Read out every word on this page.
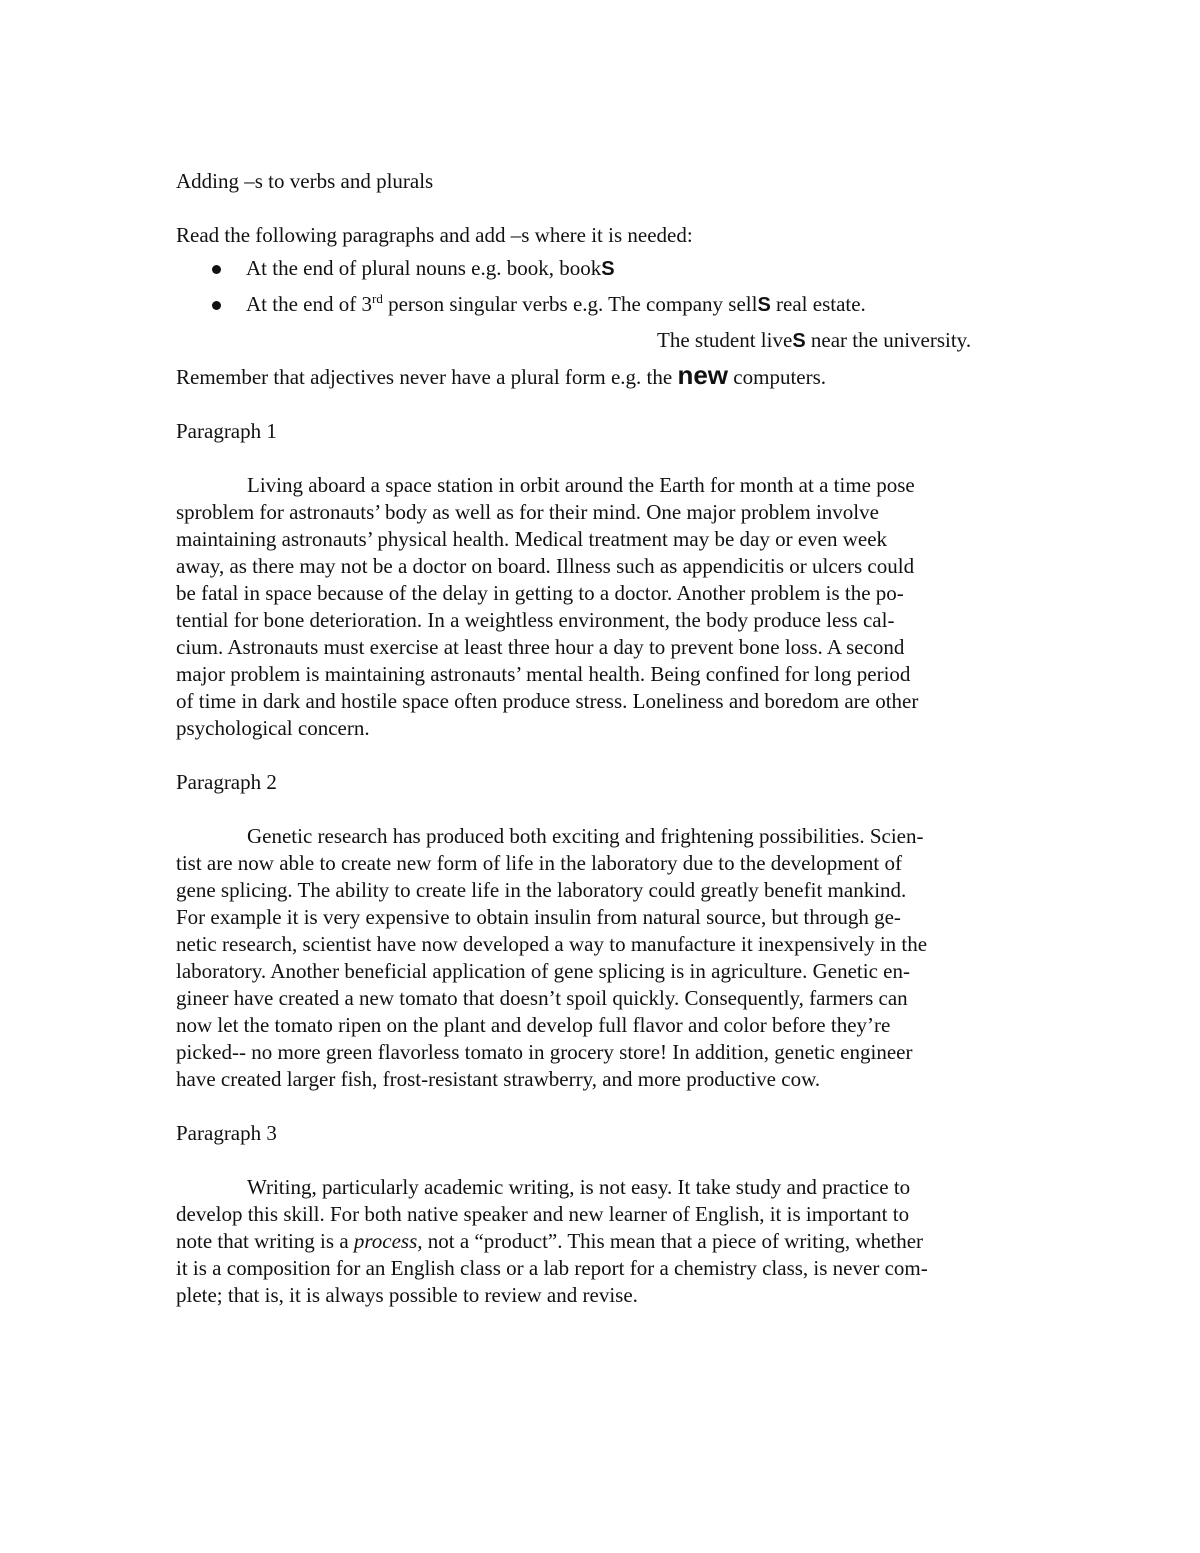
Adding –s to verbs and plurals
Read the following paragraphs and add –s where it is needed:
At the end of plural nouns e.g. book, bookS
At the end of 3rd person singular verbs e.g. The company sellS real estate.
The student liveS near the university.
Remember that adjectives never have a plural form e.g. the new computers.
Paragraph 1
Living aboard a space station in orbit around the Earth for month at a time pose
sproblem for astronauts’ body as well as for their mind. One major problem involve
maintaining astronauts’ physical health. Medical treatment may be day or even week
away, as there may not be a doctor on board. Illness such as appendicitis or ulcers could
be fatal in space because of the delay in getting to a doctor. Another problem is the po-
tential for bone deterioration. In a weightless environment, the body produce less cal-
cium. Astronauts must exercise at least three hour a day to prevent bone loss. A second
major problem is maintaining astronauts’ mental health. Being confined for long period
of time in dark and hostile space often produce stress. Loneliness and boredom are other
psychological concern.
Paragraph 2
Genetic research has produced both exciting and frightening possibilities. Scien-
tist are now able to create new form of life in the laboratory due to the development of
gene splicing. The ability to create life in the laboratory could greatly benefit mankind.
For example it is very expensive to obtain insulin from natural source, but through ge-
netic research, scientist have now developed a way to manufacture it inexpensively in the
laboratory. Another beneficial application of gene splicing is in agriculture. Genetic en-
gineer have created a new tomato that doesn’t spoil quickly. Consequently, farmers can
now let the tomato ripen on the plant and develop full flavor and color before they’re
picked-- no more green flavorless tomato in grocery store! In addition, genetic engineer
have created larger fish, frost-resistant strawberry, and more productive cow.
Paragraph 3
Writing, particularly academic writing, is not easy. It take study and practice to
develop this skill. For both native speaker and new learner of English, it is important to
note that writing is a process, not a “product”. This mean that a piece of writing, whether
it is a composition for an English class or a lab report for a chemistry class, is never com-
plete; that is, it is always possible to review and revise.
